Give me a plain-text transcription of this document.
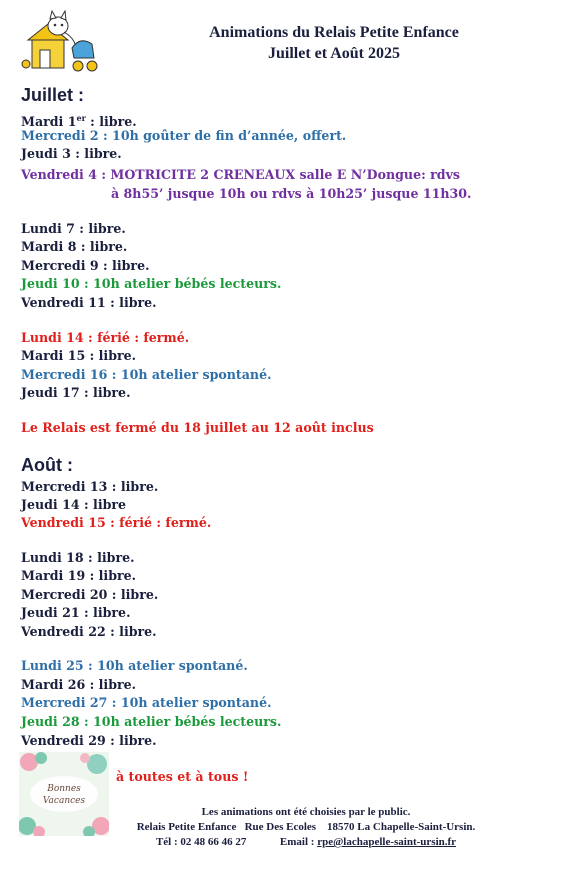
Animations du Relais Petite Enfance
Juillet et Août 2025
Juillet :
Mardi 1er : libre.
Mercredi 2 : 10h goûter de fin d’année, offert.
Jeudi 3 : libre.
Vendredi 4 : MOTRICITE 2 CRENEAUX salle E N’Dongue: rdvs
à 8h55’ jusque 10h ou rdvs à 10h25’ jusque 11h30.
Lundi 7 : libre.
Mardi 8 : libre.
Mercredi 9 : libre.
Jeudi 10 : 10h atelier bébés lecteurs.
Vendredi 11 : libre.
Lundi 14 : férié : fermé.
Mardi 15 : libre.
Mercredi 16 : 10h atelier spontané.
Jeudi 17 : libre.
Le Relais est fermé du 18 juillet au 12 août inclus
Août :
Mercredi 13 : libre.
Jeudi 14 : libre
Vendredi 15 : férié : fermé.
Lundi 18 : libre.
Mardi 19 : libre.
Mercredi 20 : libre.
Jeudi 21 : libre.
Vendredi 22 : libre.
Lundi 25 : 10h atelier spontané.
Mardi 26 : libre.
Mercredi 27 : 10h atelier spontané.
Jeudi 28 : 10h atelier bébés lecteurs.
Vendredi 29 : libre.
Bonnes
Vacances
à toutes et à tous !
Les animations ont été choisies par le public.
Relais Petite Enfance   Rue Des Ecoles    18570 La Chapelle-Saint-Ursin.
Tél : 02 48 66 46 27	Email : rpe@lachapelle-saint-ursin.fr
